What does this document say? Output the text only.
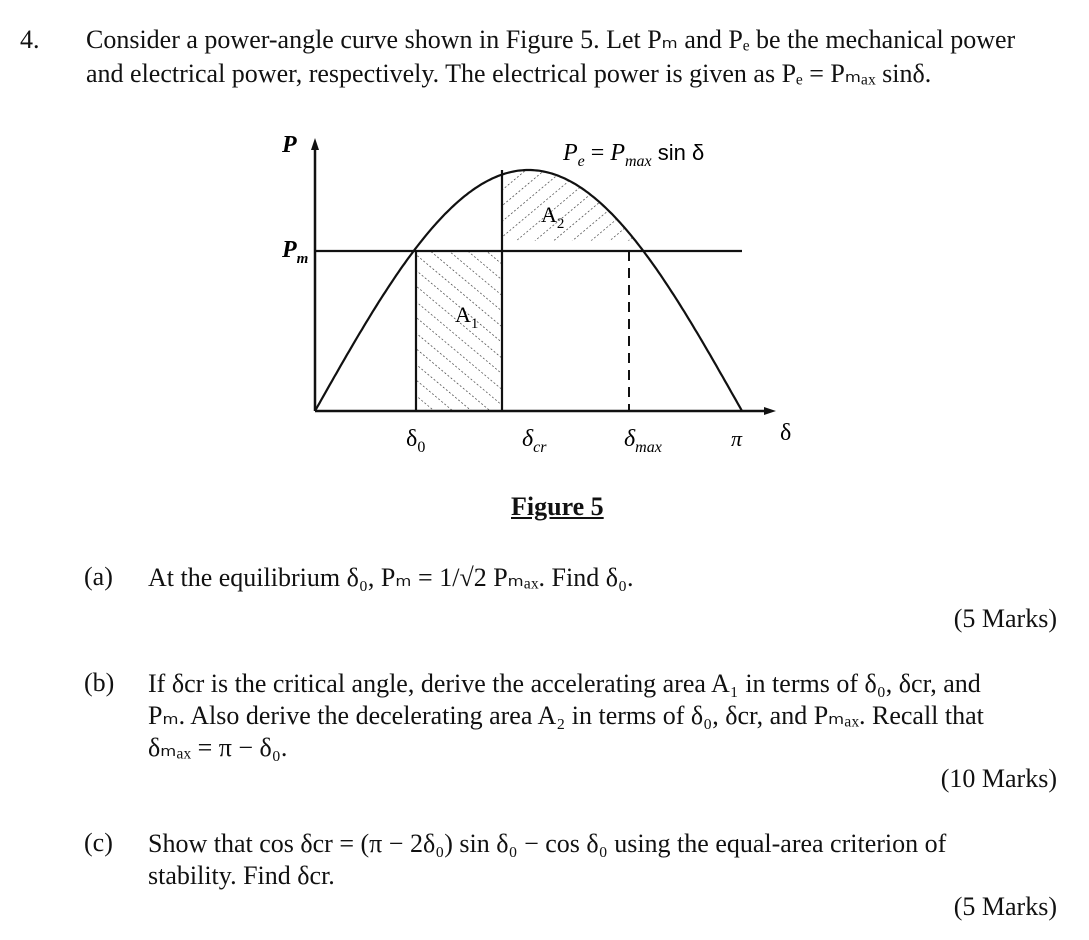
4. Consider a power-angle curve shown in Figure 5. Let Pₘ and Pₑ be the mechanical power
and electrical power, respectively. The electrical power is given as Pₑ = Pₘₐₓ sinδ.
P
$P_m$
$P_e = P_{max}$ sin δ
$A_2$
$A_1$
$\delta_0$	$\delta_{cr}$	$\delta_{max}$	π δ
Figure 5
(a) At the equilibrium δ₀, Pₘ = 1/√2 Pₘₐₓ. Find δ₀.
(5 Marks)
(b) If δcr is the critical angle, derive the accelerating area A₁ in terms of δ₀, δcr, and
Pₘ. Also derive the decelerating area A₂ in terms of δ₀, δcr, and Pₘₐₓ. Recall that
δₘₐₓ = π − δ₀.
(10 Marks)
(c) Show that cos δcr = (π − 2δ₀) sin δ₀ − cos δ₀ using the equal-area criterion of
stability. Find δcr.
(5 Marks)
